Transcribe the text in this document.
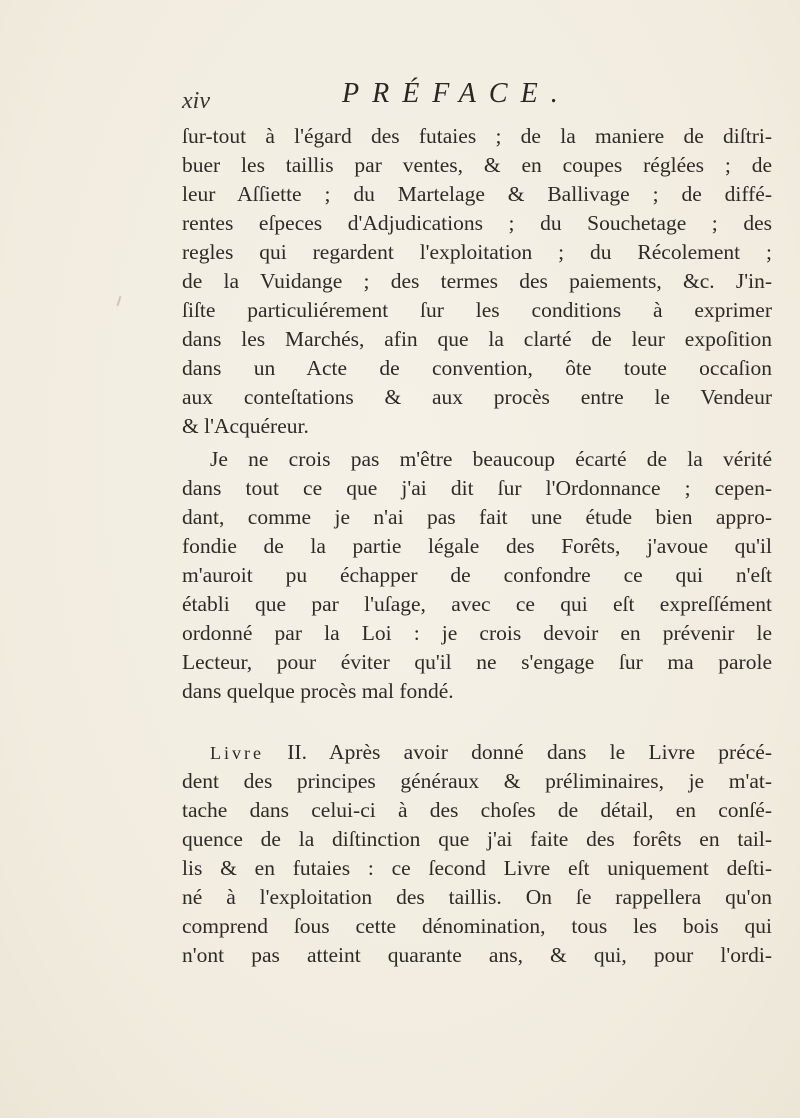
xiv	PRÉFACE.
ſur-tout à l'égard des futaies ; de la maniere de diſtri-
buer les taillis par ventes, & en coupes réglées ; de
leur Aſſiette ; du Martelage & Ballivage ; de diffé-
rentes eſpeces d'Adjudications ; du Souchetage ; des
regles qui regardent l'exploitation ; du Récolement ;
de la Vuidange ; des termes des paiements, &c. J'in-
ſiſte particuliérement ſur les conditions à exprimer
dans les Marchés, afin que la clarté de leur expoſition
dans un Acte de convention, ôte toute occaſion
aux conteſtations & aux procès entre le Vendeur
& l'Acquéreur.
Je ne crois pas m'être beaucoup écarté de la vérité
dans tout ce que j'ai dit ſur l'Ordonnance ; cepen-
dant, comme je n'ai pas fait une étude bien appro-
fondie de la partie légale des Forêts, j'avoue qu'il
m'auroit pu échapper de confondre ce qui n'eſt
établi que par l'uſage, avec ce qui eſt expreſſément
ordonné par la Loi : je crois devoir en prévenir le
Lecteur, pour éviter qu'il ne s'engage ſur ma parole
dans quelque procès mal fondé.
Livre II. Après avoir donné dans le Livre précé-
dent des principes généraux & préliminaires, je m'at-
tache dans celui-ci à des choſes de détail, en conſé-
quence de la diſtinction que j'ai faite des forêts en tail-
lis & en futaies : ce ſecond Livre eſt uniquement deſti-
né à l'exploitation des taillis. On ſe rappellera qu'on
comprend ſous cette dénomination, tous les bois qui
n'ont pas atteint quarante ans, & qui, pour l'ordi-
